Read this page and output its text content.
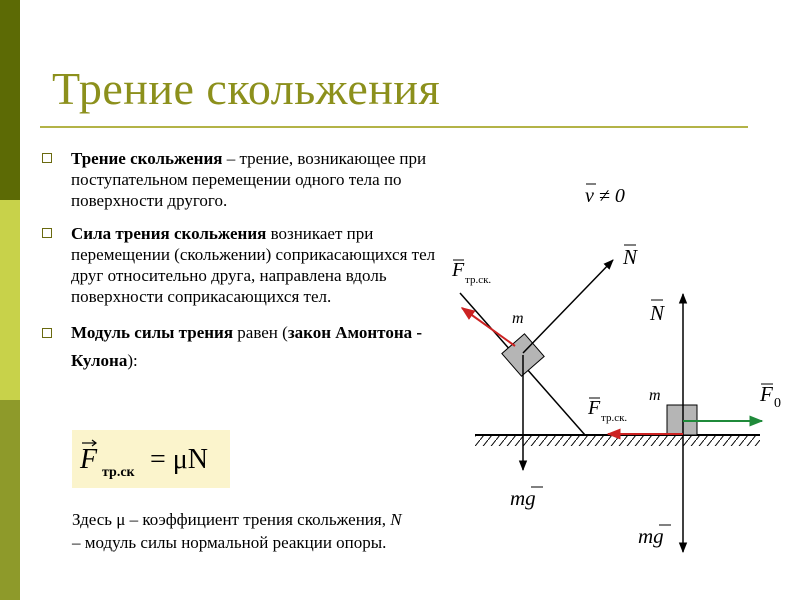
Трение скольжения
Трение скольжения – трение, возникающее при поступательном перемещении одного тела по поверхности другого.
Сила трения скольжения возникает при перемещении (скольжении) соприкасающихся тел друг относительно друга, направлена вдоль поверхности соприкасающихся тел.
Модуль силы трения равен (закон Амонтона - Кулона):
F тр.ск = μN
Здесь μ – коэффициент трения скольжения, N – модуль силы нормальной реакции опоры.
v ≠ 0
m
N
F тр.ск.
mg
m
N
mg
F тр.ск.
F 0
